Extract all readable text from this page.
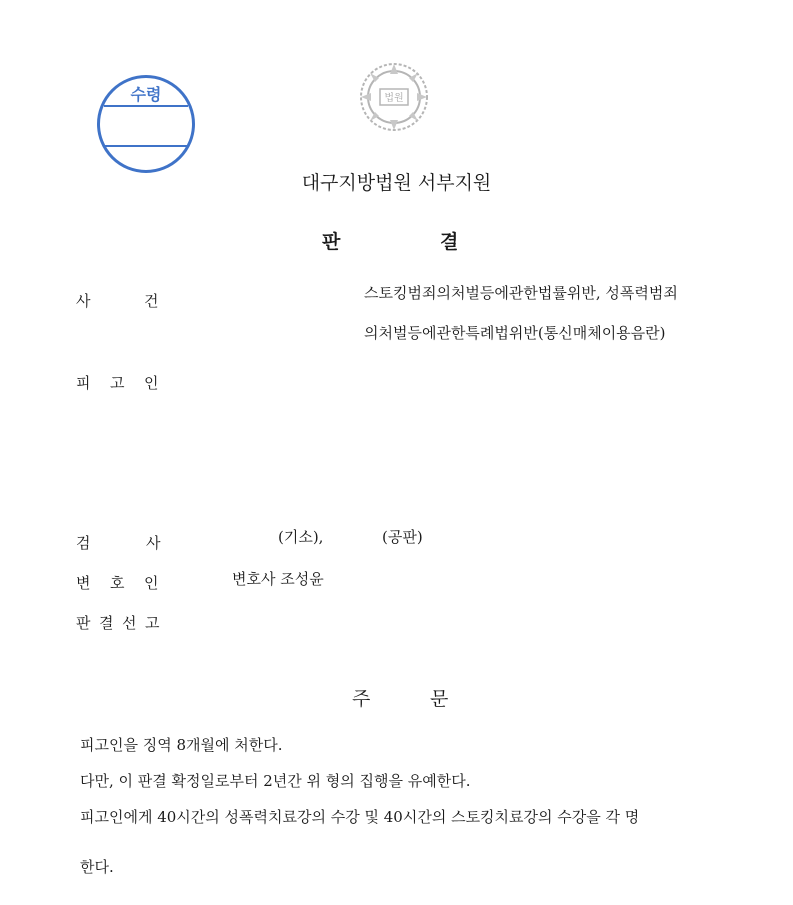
수령	법원
대구지방법원 서부지원
판	결
사	건	스토킹범죄의처벌등에관한법률위반, 성폭력범죄
의처벌등에관한특례법위반(통신매체이용음란)
피 고 인
검	사	(기소),	(공판)
변 호 인	변호사 조성윤
판 결 선 고
주	문
피고인을 징역 8개월에 처한다.
다만, 이 판결 확정일로부터 2년간 위 형의 집행을 유예한다.
피고인에게 40시간의 성폭력치료강의 수강 및 40시간의 스토킹치료강의 수강을 각 명
한다.
